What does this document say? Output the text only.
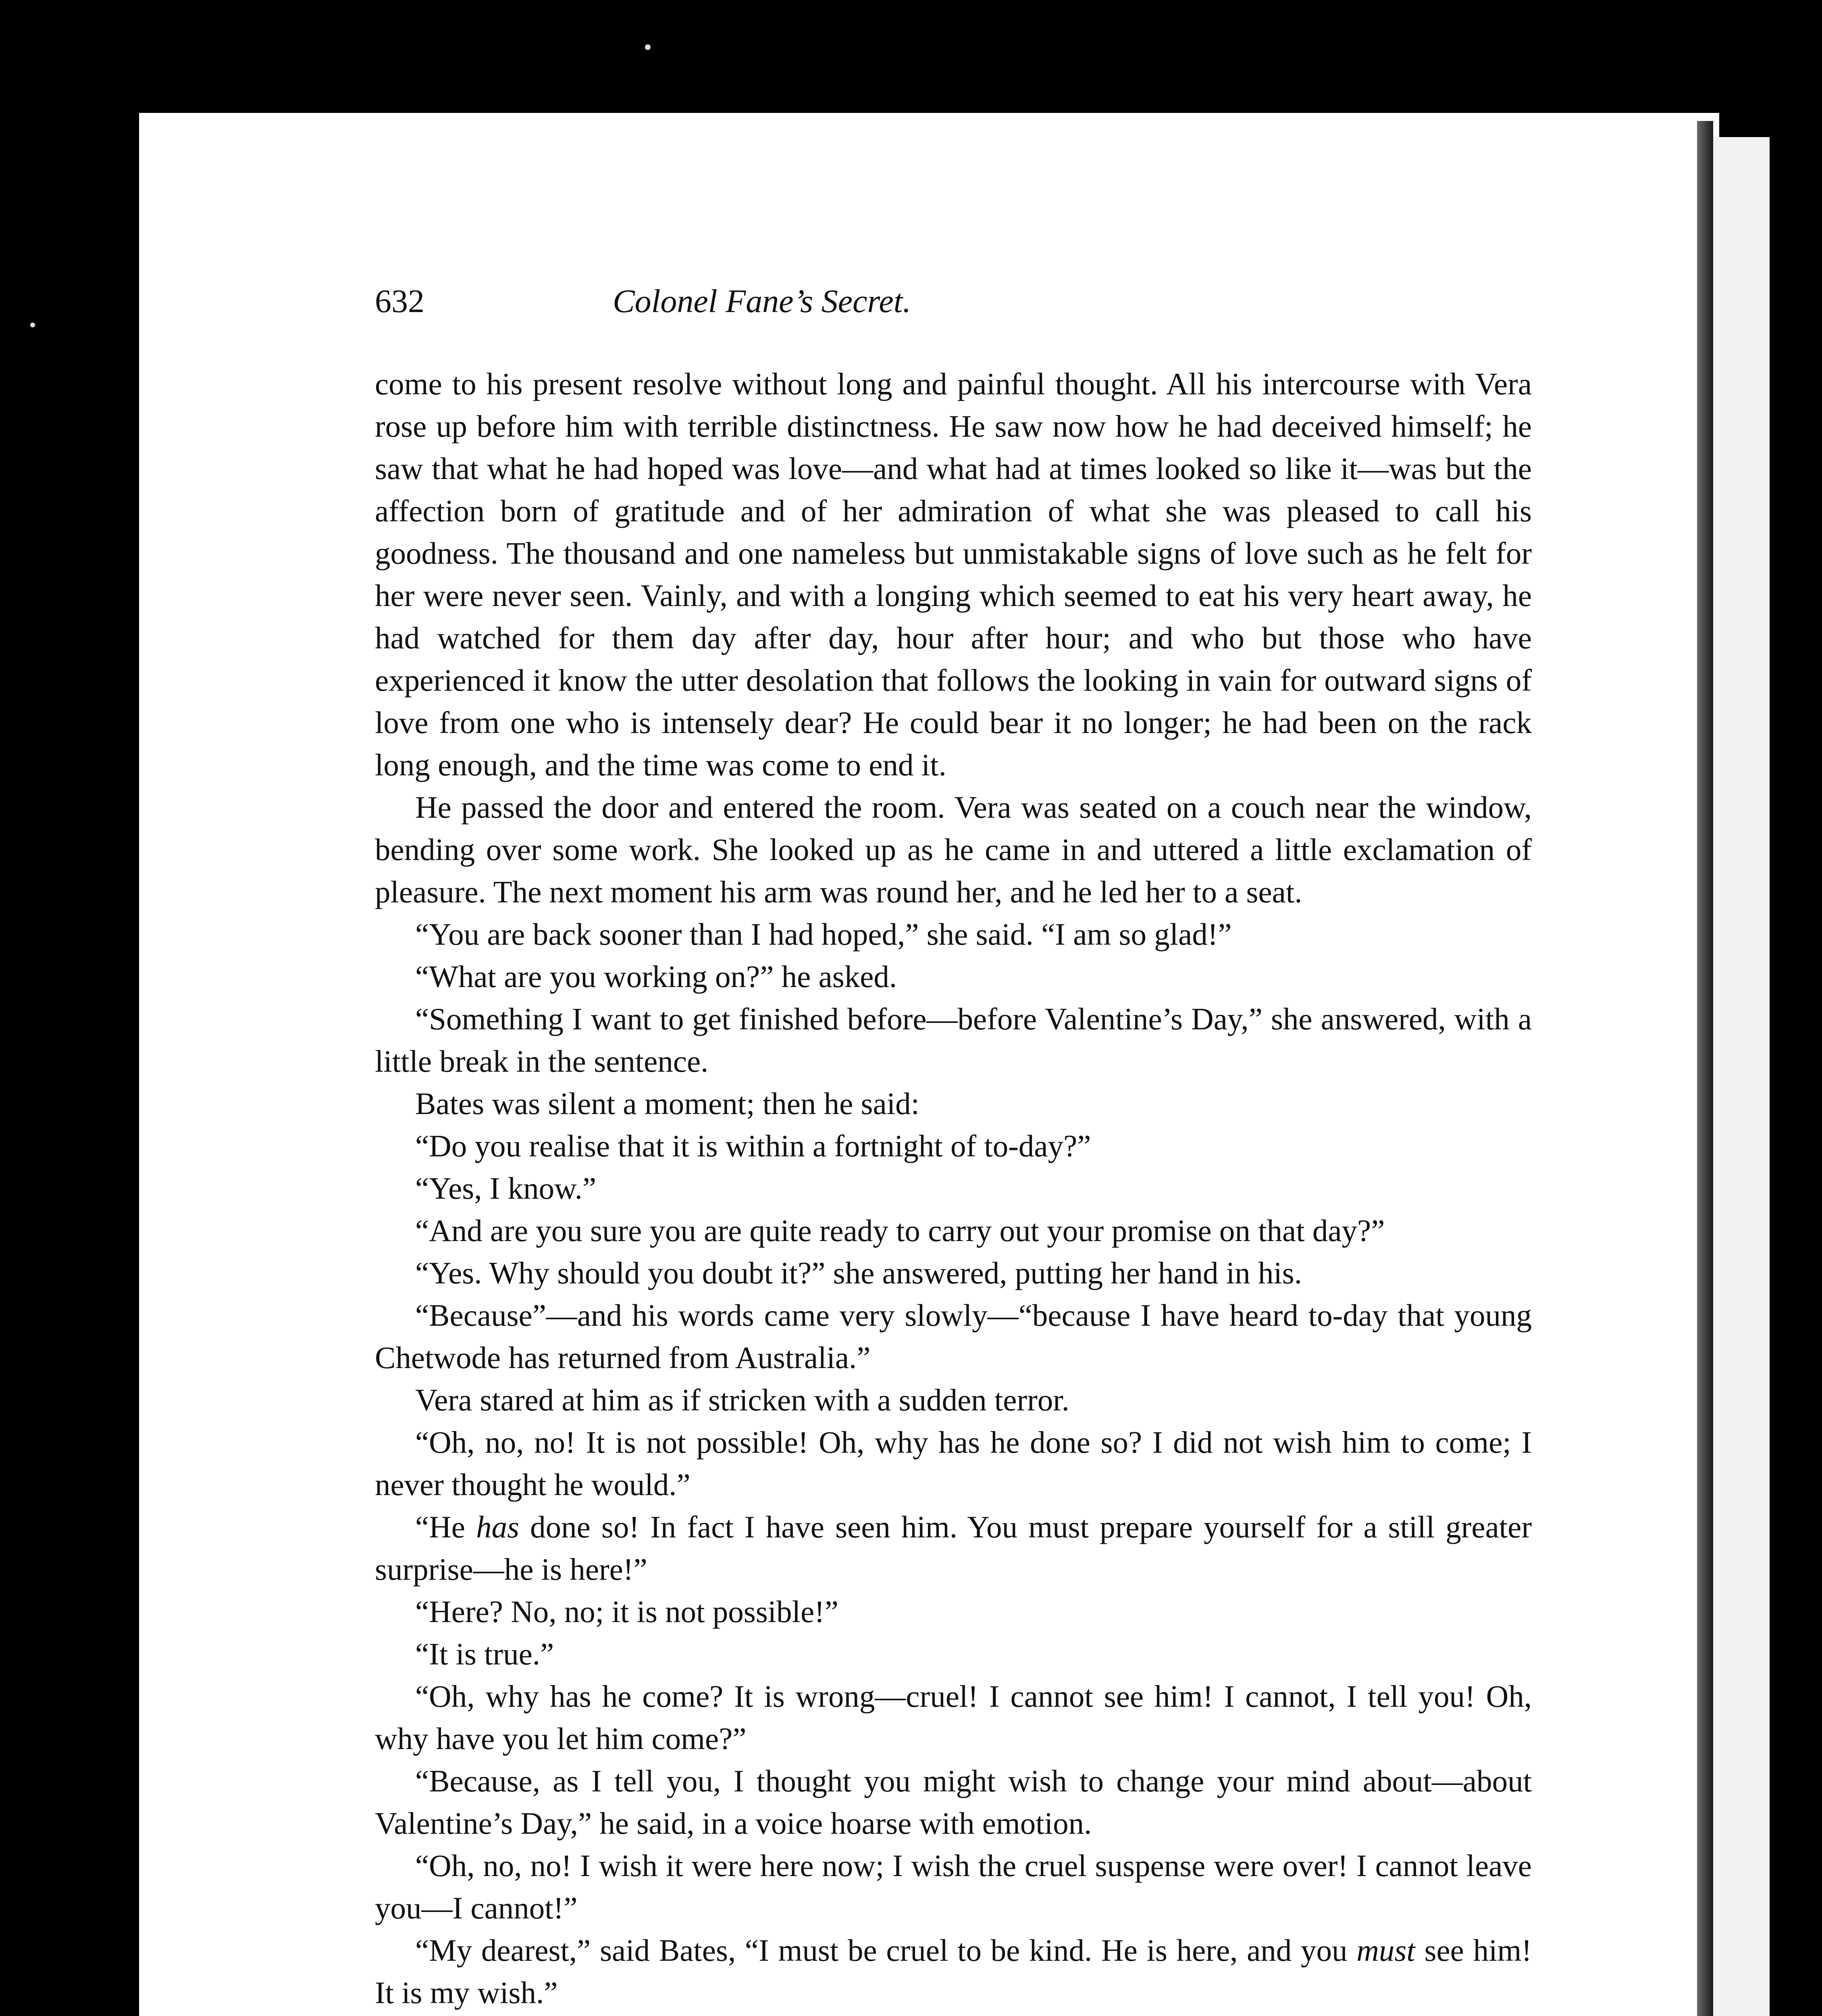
632	Colonel Fane’s Secret.

come to his present resolve without long and painful thought. All his intercourse with Vera rose up before him with terrible distinctness. He saw now how he had deceived himself; he saw that what he had hoped was love—and what had at times looked so like it—was but the affection born of gratitude and of her admiration of what she was pleased to call his goodness. The thousand and one nameless but unmistakable signs of love such as he felt for her were never seen. Vainly, and with a longing which seemed to eat his very heart away, he had watched for them day after day, hour after hour; and who but those who have experienced it know the utter desolation that follows the looking in vain for outward signs of love from one who is intensely dear? He could bear it no longer; he had been on the rack long enough, and the time was come to end it.

He passed the door and entered the room. Vera was seated on a couch near the window, bending over some work. She looked up as he came in and uttered a little exclamation of pleasure. The next moment his arm was round her, and he led her to a seat.

“You are back sooner than I had hoped,” she said. “I am so glad!”

“What are you working on?” he asked.

“Something I want to get finished before—before Valentine’s Day,” she answered, with a little break in the sentence.

Bates was silent a moment; then he said:

“Do you realise that it is within a fortnight of to-day?”

“Yes, I know.”

“And are you sure you are quite ready to carry out your promise on that day?”

“Yes. Why should you doubt it?” she answered, putting her hand in his.

“Because”—and his words came very slowly—“because I have heard to-day that young Chetwode has returned from Australia.”

Vera stared at him as if stricken with a sudden terror.

“Oh, no, no! It is not possible! Oh, why has he done so? I did not wish him to come; I never thought he would.”

“He has done so! In fact I have seen him. You must prepare yourself for a still greater surprise—he is here!”

“Here? No, no; it is not possible!”

“It is true.”

“Oh, why has he come? It is wrong—cruel! I cannot see him! I cannot, I tell you! Oh, why have you let him come?”

“Because, as I tell you, I thought you might wish to change your mind about—about Valentine’s Day,” he said, in a voice hoarse with emotion.

“Oh, no, no! I wish it were here now; I wish the cruel suspense were over! I cannot leave you—I cannot!”

“My dearest,” said Bates, “I must be cruel to be kind. He is here, and you must see him! It is my wish.”
